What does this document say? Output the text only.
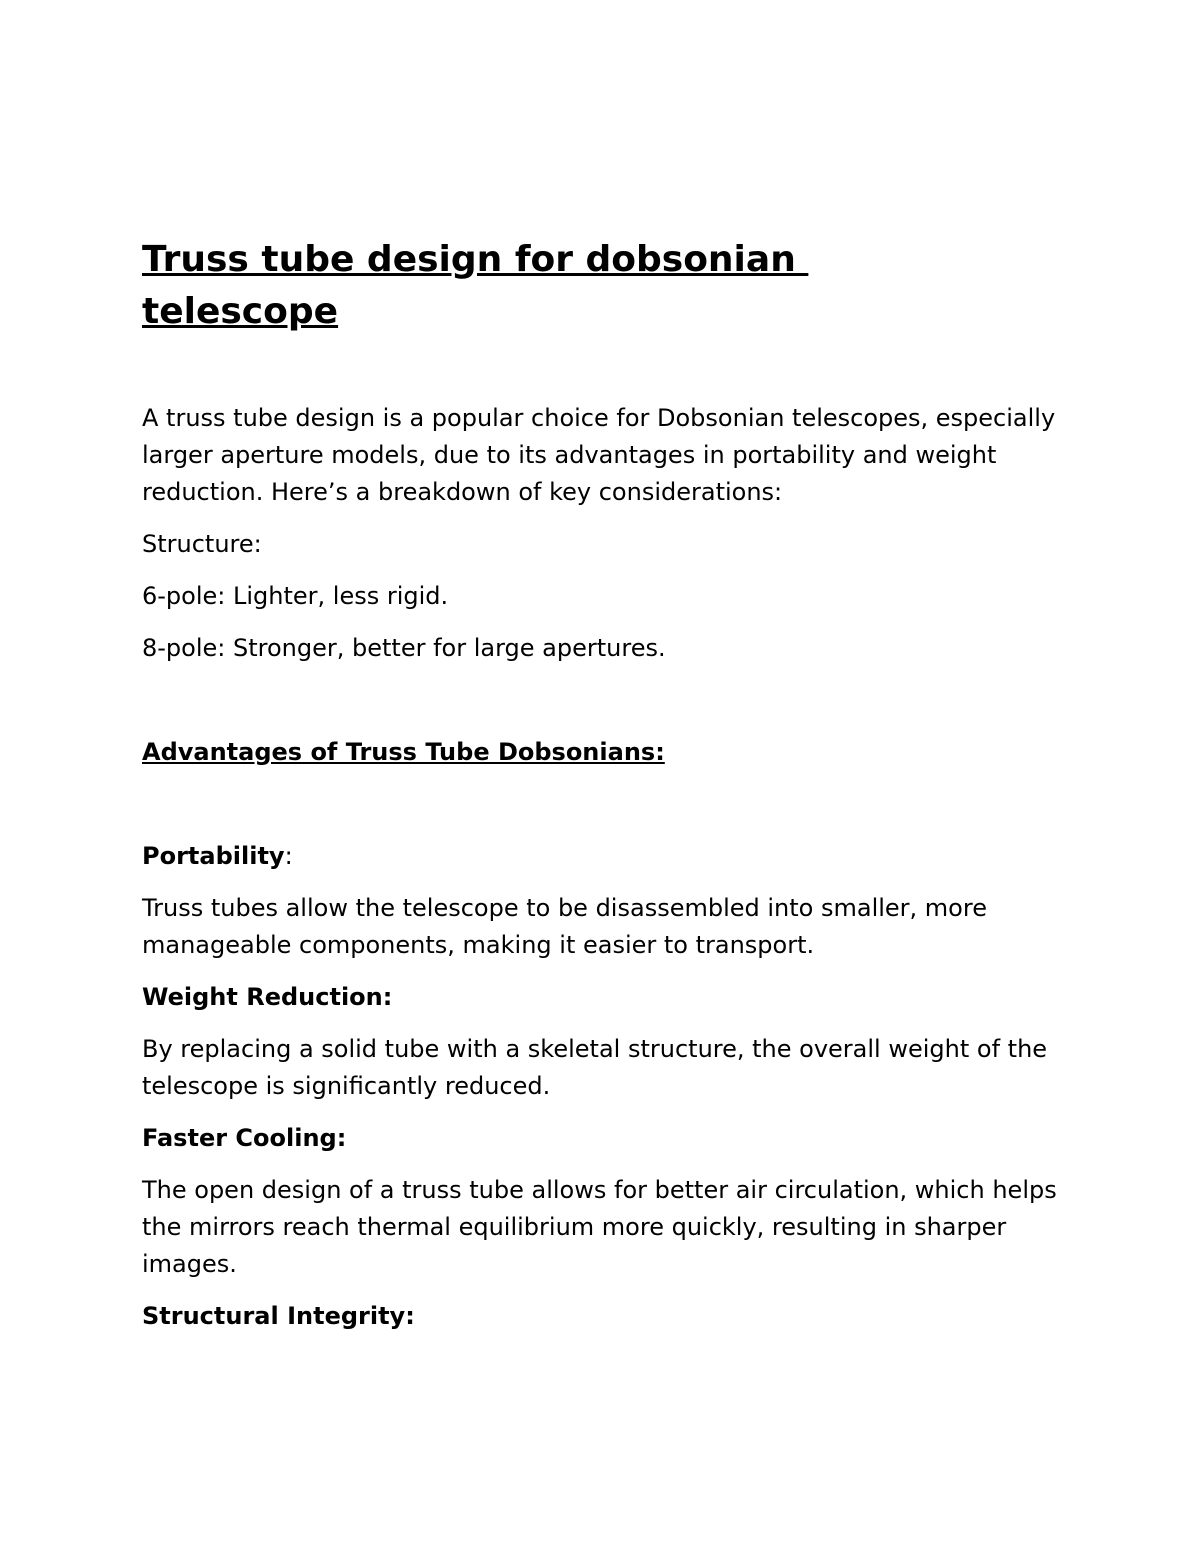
Truss tube design for dobsonian
telescope

A truss tube design is a popular choice for Dobsonian telescopes, especially larger aperture models, due to its advantages in portability and weight reduction. Here’s a breakdown of key considerations:

Structure:

6-pole: Lighter, less rigid.

8-pole: Stronger, better for large apertures.

Advantages of Truss Tube Dobsonians:

Portability:

Truss tubes allow the telescope to be disassembled into smaller, more manageable components, making it easier to transport.

Weight Reduction:

By replacing a solid tube with a skeletal structure, the overall weight of the telescope is significantly reduced.

Faster Cooling:

The open design of a truss tube allows for better air circulation, which helps the mirrors reach thermal equilibrium more quickly, resulting in sharper images.

Structural Integrity:
